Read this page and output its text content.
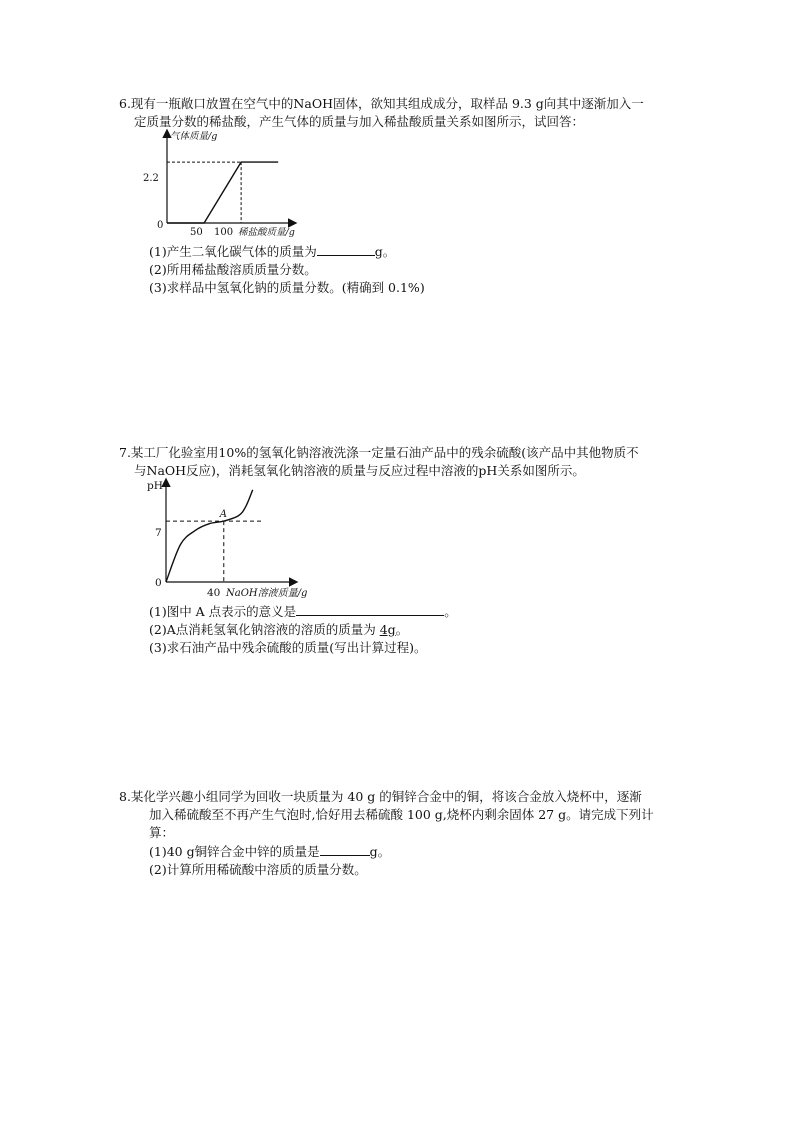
6.现有一瓶敞口放置在空气中的NaOH固体，欲知其组成成分，取样品 9.3 g向其中逐渐加入一
定质量分数的稀盐酸，产生气体的质量与加入稀盐酸质量关系如图所示，试回答：
气体质量/g
2.2
0
50 100 稀盐酸质量/g
(1)产生二氧化碳气体的质量为	g。
(2)所用稀盐酸溶质质量分数。
(3)求样品中氢氧化钠的质量分数。(精确到 0.1%)
7.某工厂化验室用10%的氢氧化钠溶液洗涤一定量石油产品中的残余硫酸(该产品中其他物质不
与NaOH反应)，消耗氢氧化钠溶液的质量与反应过程中溶液的pH关系如图所示。
pH
7
0
40 NaOH溶液质量/g
A
(1)图中 A 点表示的意义是	。
(2)A点消耗氢氧化钠溶液的溶质的质量为 4g。
(3)求石油产品中残余硫酸的质量(写出计算过程)。
8.某化学兴趣小组同学为回收一块质量为 40 g 的铜锌合金中的铜，将该合金放入烧杯中，逐渐
加入稀硫酸至不再产生气泡时,恰好用去稀硫酸 100 g,烧杯内剩余固体 27 g。请完成下列计
算：
(1)40 g铜锌合金中锌的质量是	g。
(2)计算所用稀硫酸中溶质的质量分数。
